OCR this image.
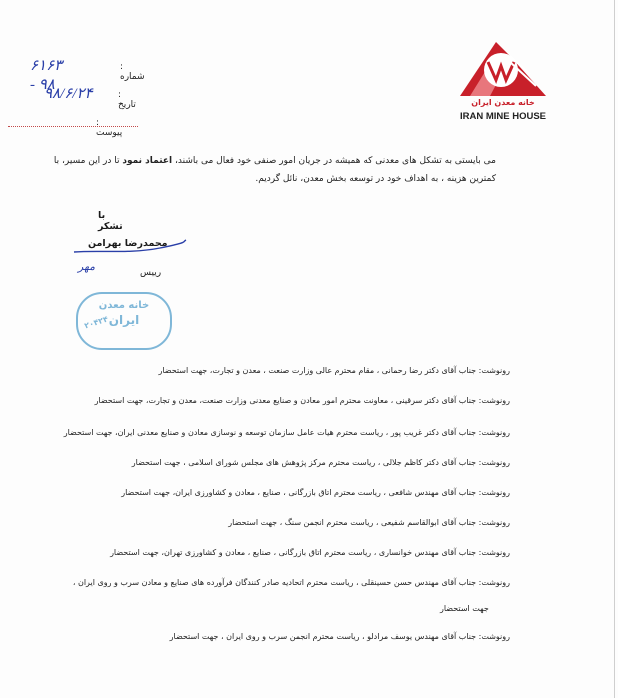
خانه معدن ایران
IRAN MINE HOUSE
۶۱۶۳ - ۹۸
: شماره
۹۸/۶/۲۴	: تاریخ
: پیوست
می بایستی به تشکل های معدنی که همیشه در جریان امور صنفی خود فعال می باشند، اعتماد نمود تا در این مسیر، با
کمترین هزینه ، به اهداف خود در توسعه بخش معدن، نائل گردیم.
با تشکر
محمدرضا بهرامن
مهر	رییس
خانه معدن
ایران
۲۰۴۲۴
رونوشت: جناب آقای دکتر رضا رحمانی ، مقام محترم عالی وزارت صنعت ، معدن و تجارت، جهت استحضار
رونوشت: جناب آقای دکتر سرقینی ، معاونت محترم امور معادن و صنایع معدنی وزارت صنعت، معدن و تجارت، جهت استحضار
رونوشت: جناب آقای دکتر غریب پور ، ریاست محترم هیات عامل سازمان توسعه و نوسازی معادن و صنایع معدنی ایران، جهت استحضار
رونوشت: جناب آقای دکتر کاظم جلالی ، ریاست محترم مرکز پژوهش های مجلس شورای اسلامی ، جهت استحضار
رونوشت: جناب آقای مهندس شافعی ، ریاست محترم اتاق بازرگانی ، صنایع ، معادن و کشاورزی ایران، جهت استحضار
رونوشت: جناب آقای ابوالقاسم شفیعی ، ریاست محترم انجمن سنگ ، جهت استحضار
رونوشت: جناب آقای مهندس خوانساری ، ریاست محترم اتاق بازرگانی ، صنایع ، معادن و کشاورزی تهران، جهت استحضار
رونوشت: جناب آقای مهندس حسن حسینقلی ، ریاست محترم اتحادیه صادر کنندگان فرآورده های صنایع و معادن سرب و روی ایران ،
جهت استحضار
رونوشت: جناب آقای مهندس یوسف مرادلو ، ریاست محترم انجمن سرب و روی ایران ، جهت استحضار
